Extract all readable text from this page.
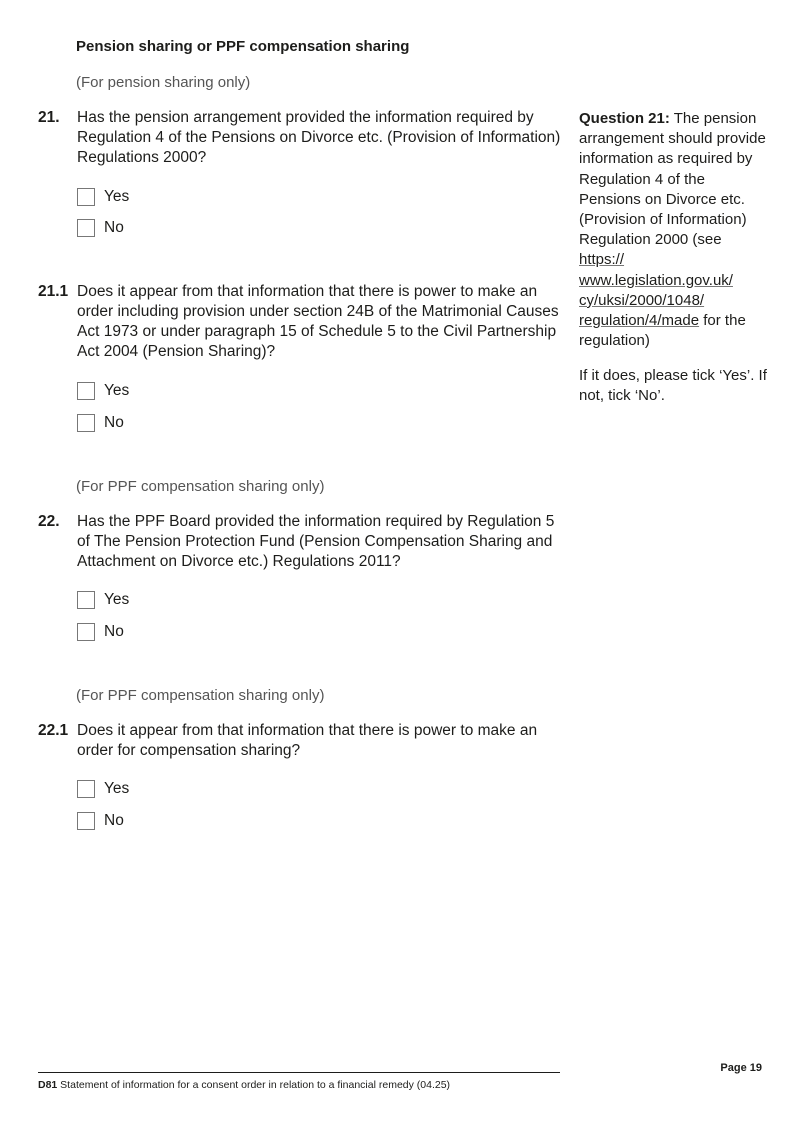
Pension sharing or PPF compensation sharing
(For pension sharing only)
21. Has the pension arrangement provided the information required by Regulation 4 of the Pensions on Divorce etc. (Provision of Information) Regulations 2000?
Yes
No
21.1 Does it appear from that information that there is power to make an order including provision under section 24B of the Matrimonial Causes Act 1973 or under paragraph 15 of Schedule 5 to the Civil Partnership Act 2004 (Pension Sharing)?
Yes
No
(For PPF compensation sharing only)
22. Has the PPF Board provided the information required by Regulation 5 of The Pension Protection Fund (Pension Compensation Sharing and Attachment on Divorce etc.) Regulations 2011?
Yes
No
(For PPF compensation sharing only)
22.1 Does it appear from that information that there is power to make an order for compensation sharing?
Yes
No
Question 21: The pension arrangement should provide information as required by Regulation 4 of the Pensions on Divorce etc. (Provision of Information) Regulation 2000 (see https://
www.legislation.gov.uk/
cy/uksi/2000/1048/
regulation/4/made for the regulation)
If it does, please tick ‘Yes’. If not, tick ‘No’.
Page 19
D81 Statement of information for a consent order in relation to a financial remedy (04.25)
